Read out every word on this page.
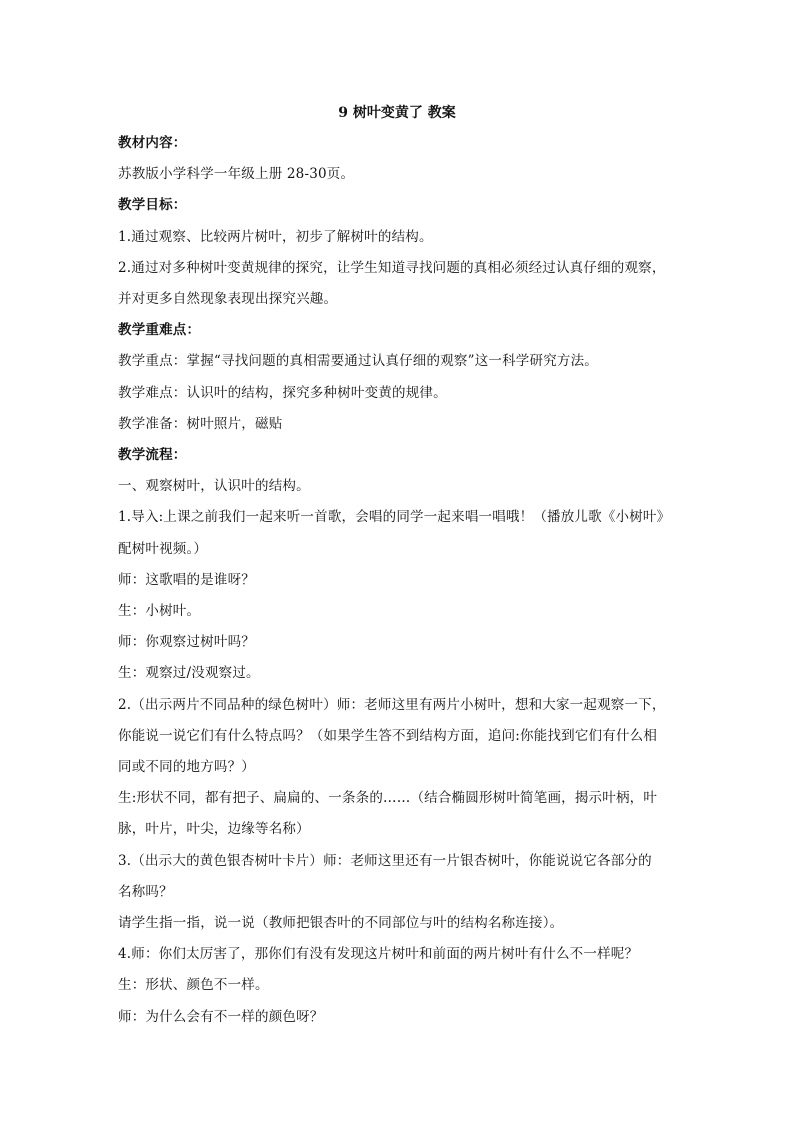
9 树叶变黄了 教案
教材内容：
苏教版小学科学一年级上册 28-30页。
教学目标：
1.通过观察、比较两片树叶，初步了解树叶的结构。
2.通过对多种树叶变黄规律的探究，让学生知道寻找问题的真相必须经过认真仔细的观察，
并对更多自然现象表现出探究兴趣。
教学重难点：
教学重点：掌握“寻找问题的真相需要通过认真仔细的观察”这一科学研究方法。
教学难点：认识叶的结构，探究多种树叶变黄的规律。
教学准备：树叶照片，磁贴
教学流程：
一、观察树叶，认识叶的结构。
1.导入:上课之前我们一起来听一首歌，会唱的同学一起来唱一唱哦！（播放儿歌《小树叶》
配树叶视频。）
师：这歌唱的是谁呀？
生：小树叶。
师：你观察过树叶吗？
生：观察过/没观察过。
2.（出示两片不同品种的绿色树叶）师：老师这里有两片小树叶，想和大家一起观察一下，
你能说一说它们有什么特点吗？（如果学生答不到结构方面，追问:你能找到它们有什么相
同或不同的地方吗？）
生:形状不同，都有把子、扁扁的、一条条的……（结合椭圆形树叶简笔画，揭示叶柄，叶
脉，叶片，叶尖，边缘等名称）
3.（出示大的黄色银杏树叶卡片）师：老师这里还有一片银杏树叶，你能说说它各部分的
名称吗？
请学生指一指，说一说（教师把银杏叶的不同部位与叶的结构名称连接）。
4.师：你们太厉害了，那你们有没有发现这片树叶和前面的两片树叶有什么不一样呢？
生：形状、颜色不一样。
师：为什么会有不一样的颜色呀？
